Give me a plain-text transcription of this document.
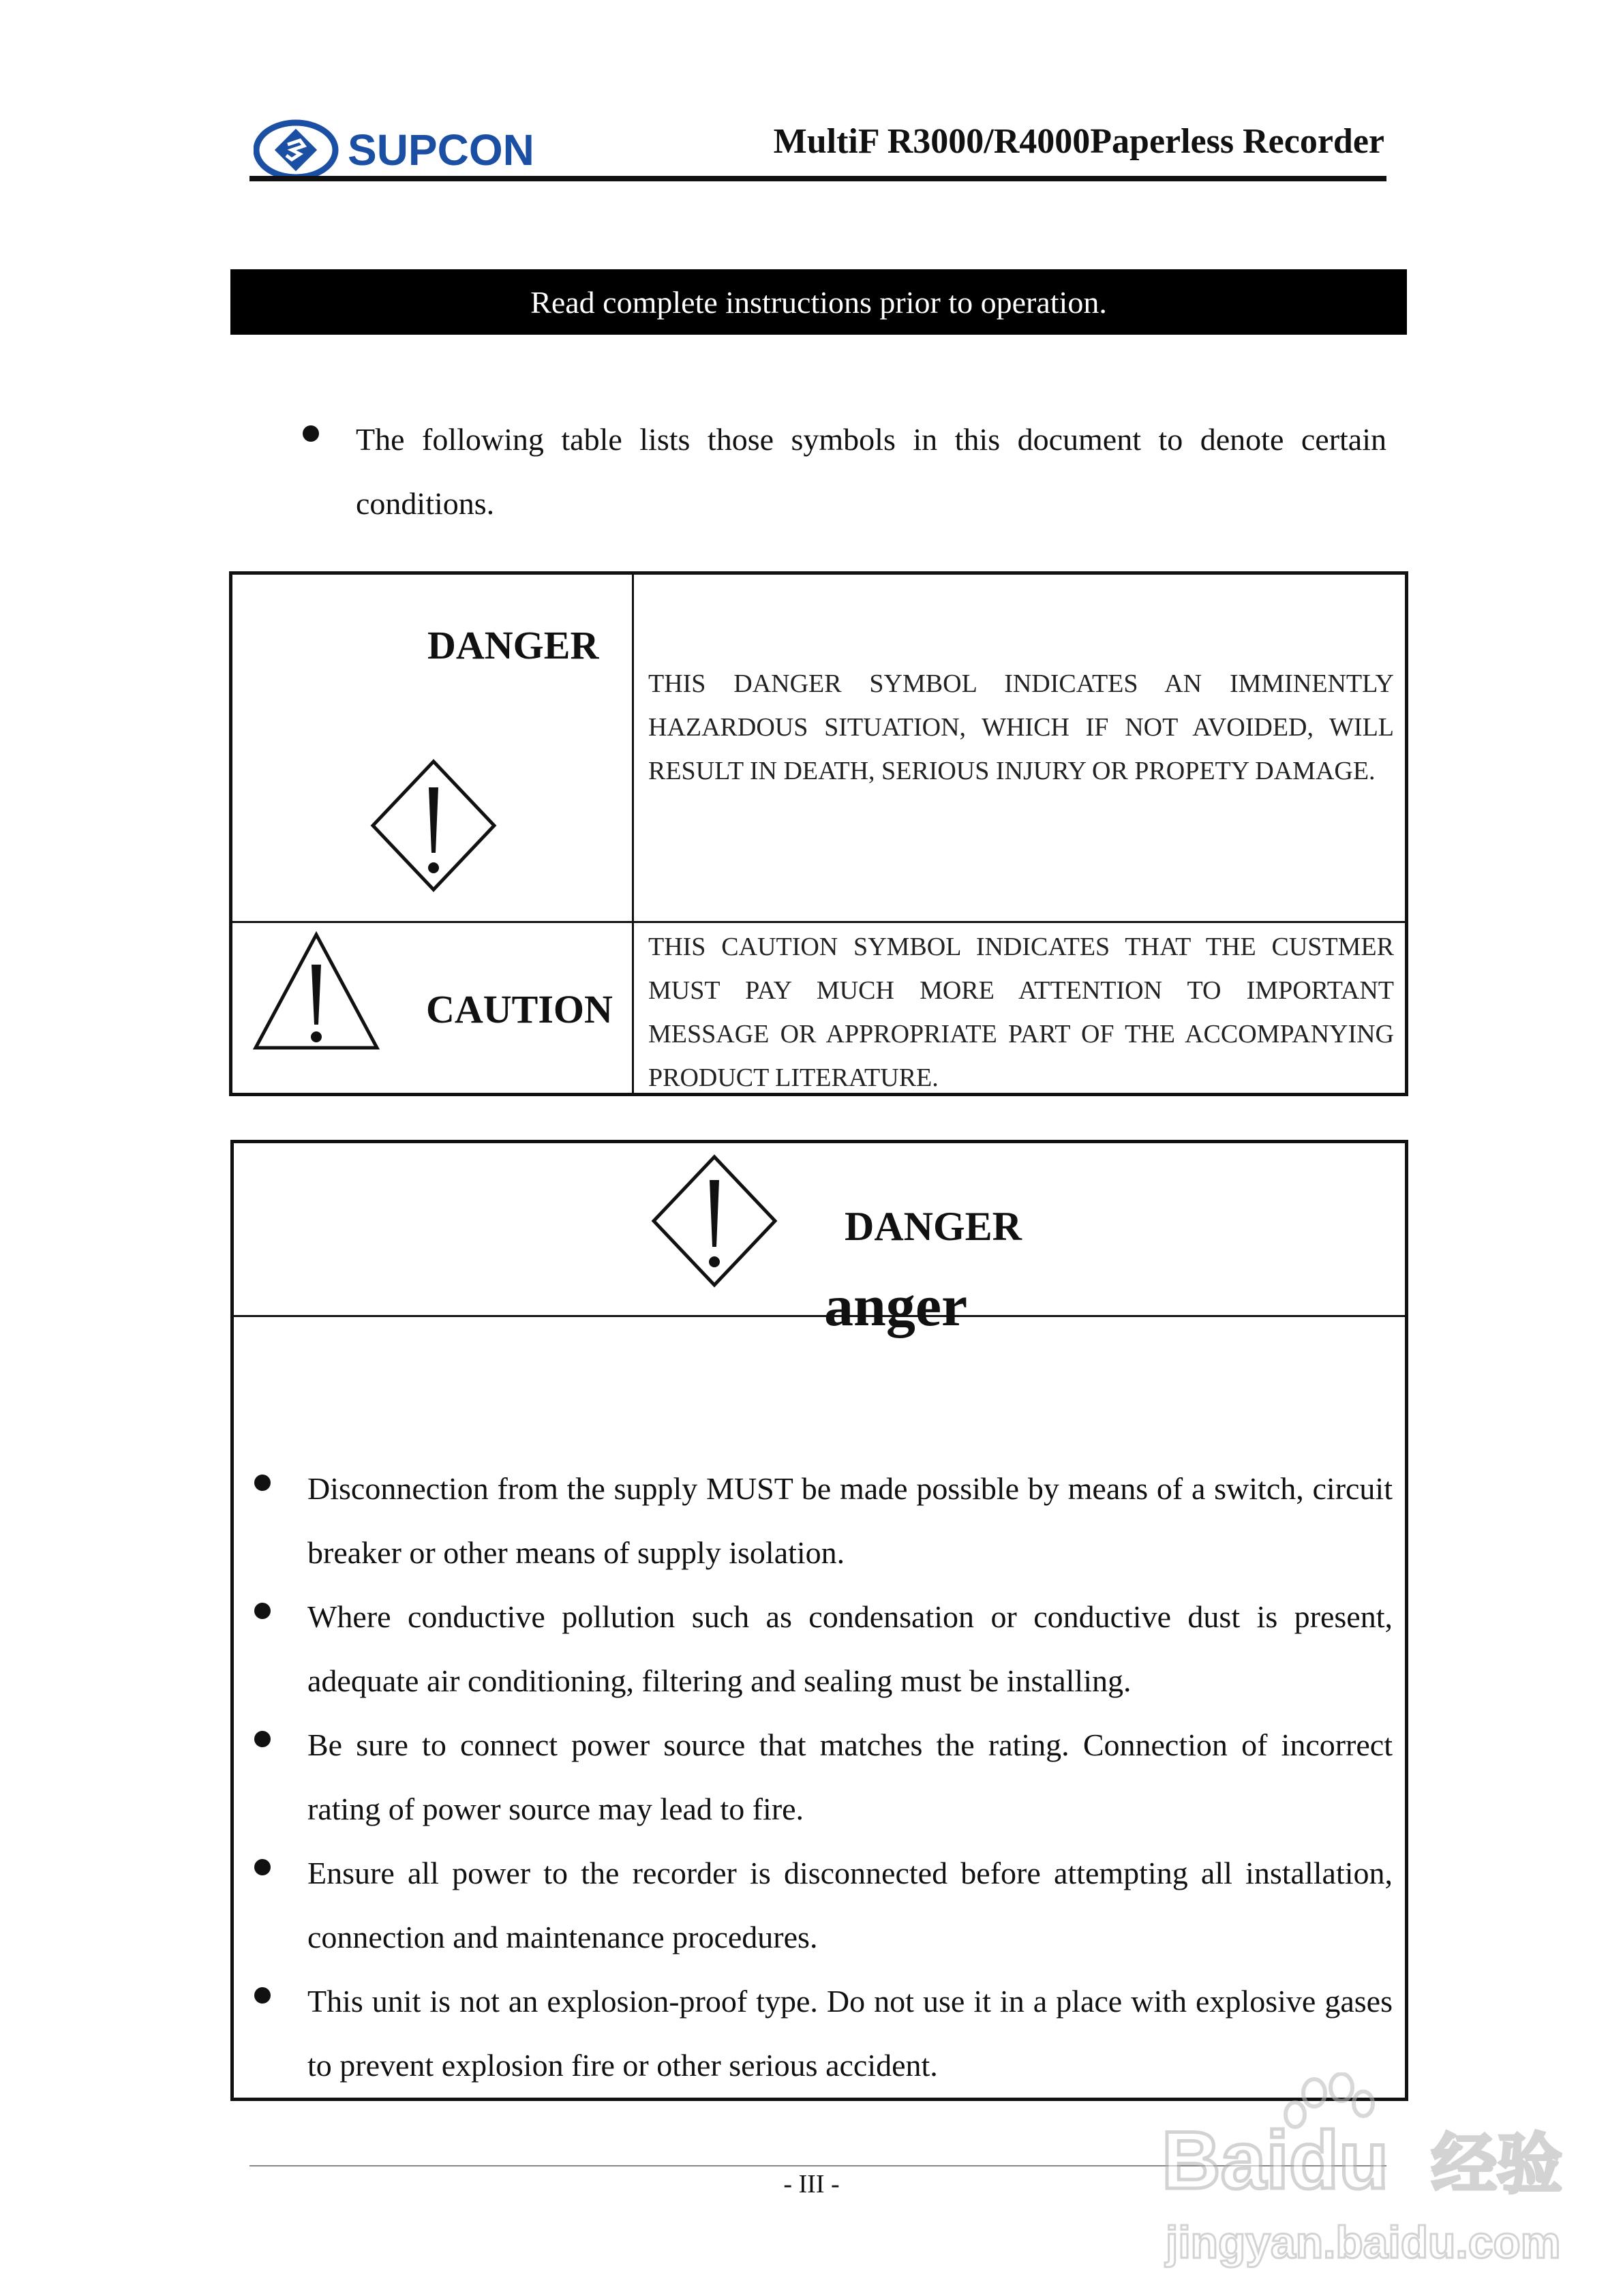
SUPCON	MultiF R3000/R4000Paperless Recorder
Read complete instructions prior to operation.
The following table lists those symbols in this document to denote certain conditions.
DANGER
THIS DANGER SYMBOL INDICATES AN IMMINENTLY HAZARDOUS SITUATION, WHICH IF NOT AVOIDED, WILL RESULT IN DEATH, SERIOUS INJURY OR PROPETY DAMAGE.
CAUTION
THIS CAUTION SYMBOL INDICATES THAT THE CUSTMER MUST PAY MUCH MORE ATTENTION TO IMPORTANT MESSAGE OR APPROPRIATE PART OF THE ACCOMPANYING PRODUCT LITERATURE.
DANGER
anger
Disconnection from the supply MUST be made possible by means of a switch, circuit breaker or other means of supply isolation.
Where conductive pollution such as condensation or conductive dust is present, adequate air conditioning, filtering and sealing must be installing.
Be sure to connect power source that matches the rating. Connection of incorrect rating of power source may lead to fire.
Ensure all power to the recorder is disconnected before attempting all installation, connection and maintenance procedures.
This unit is not an explosion-proof type. Do not use it in a place with explosive gases to prevent explosion fire or other serious accident.
- III -	Baidu 经验
jingyan.baidu.com
